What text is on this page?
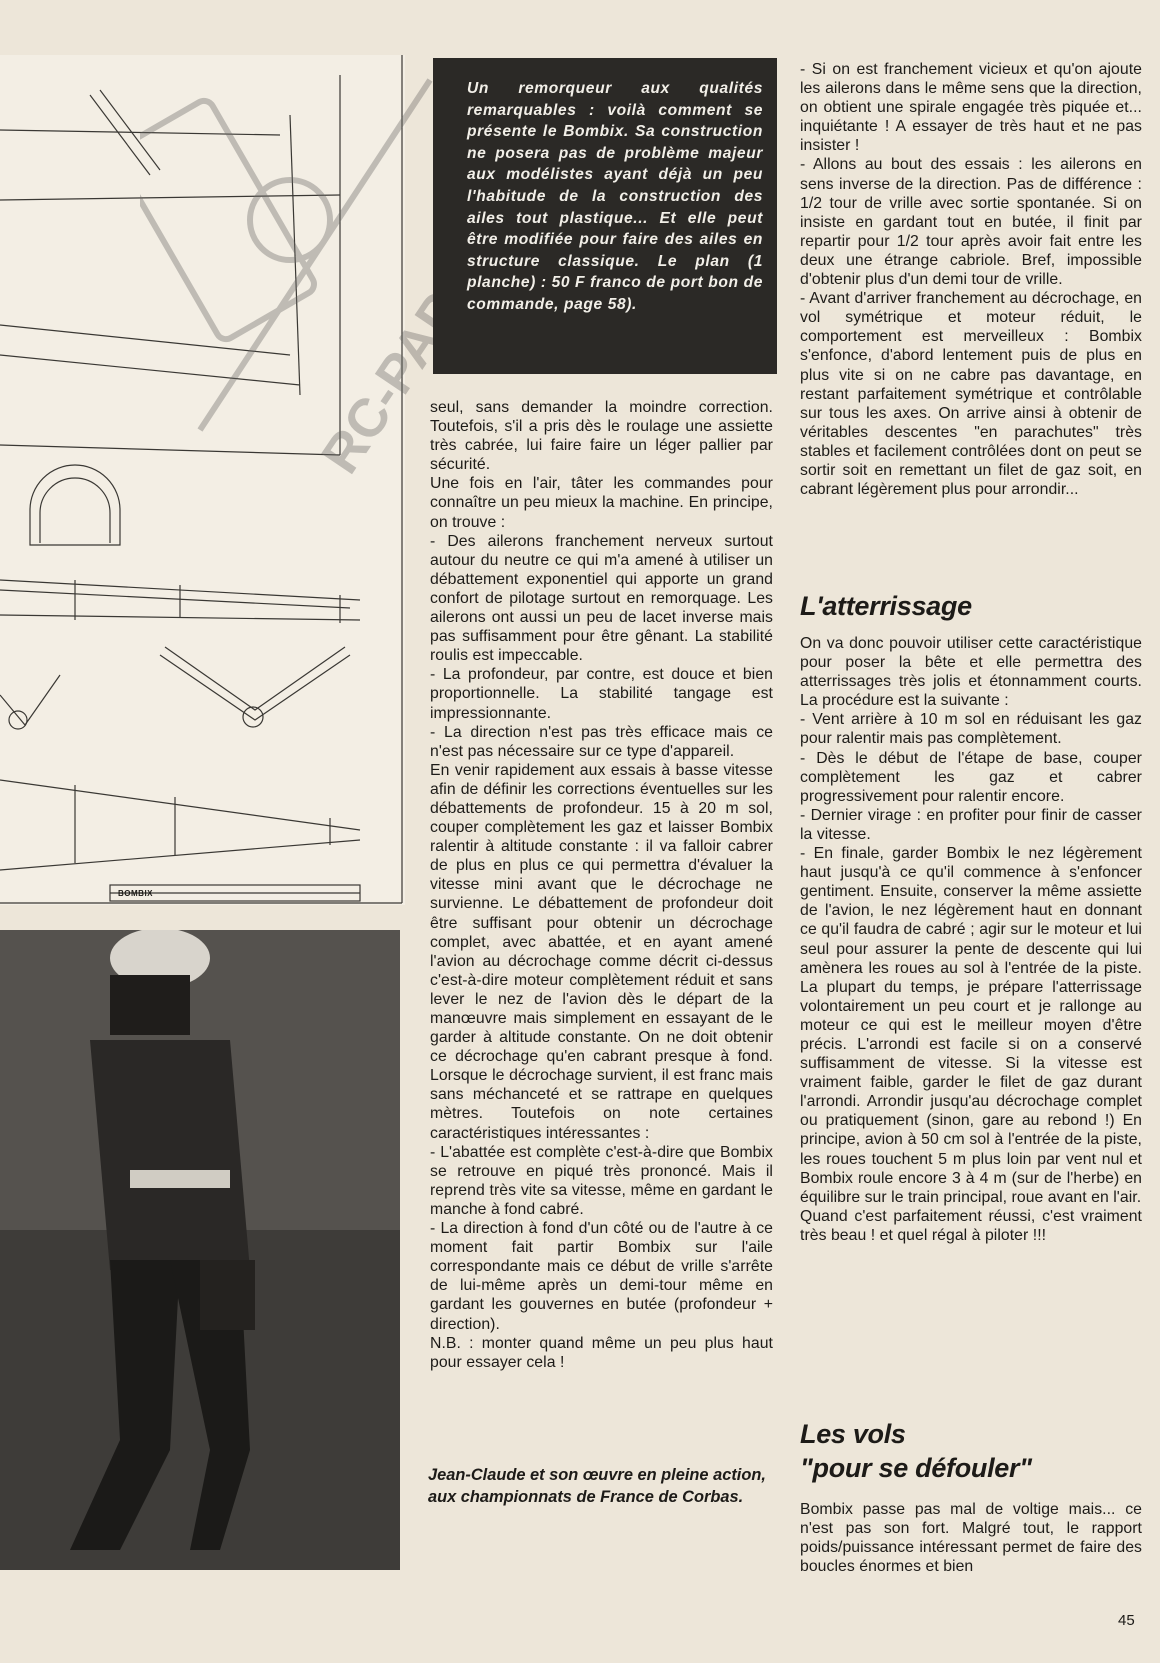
BOMBIX
Un remorqueur aux qualités remarquables : voilà comment se présente le Bombix. Sa construction ne posera pas de problème majeur aux modélistes ayant déjà un peu l'habitude de la construction des ailes tout plastique... Et elle peut être modifiée pour faire des ailes en structure classique. Le plan (1 planche) : 50 F franco de port bon de commande, page 58).

seul, sans demander la moindre correction. Toutefois, s'il a pris dès le roulage une assiette très cabrée, lui faire faire un léger pallier par sécurité.

Une fois en l'air, tâter les commandes pour connaître un peu mieux la machine. En principe, on trouve :

- Des ailerons franchement nerveux surtout autour du neutre ce qui m'a amené à utiliser un débattement exponentiel qui apporte un grand confort de pilotage surtout en remorquage. Les ailerons ont aussi un peu de lacet inverse mais pas suffisamment pour être gênant. La stabilité roulis est impeccable.

- La profondeur, par contre, est douce et bien proportionnelle. La stabilité tangage est impressionnante.

- La direction n'est pas très efficace mais ce n'est pas nécessaire sur ce type d'appareil.

En venir rapidement aux essais à basse vitesse afin de définir les corrections éventuelles sur les débattements de profondeur. 15 à 20 m sol, couper complètement les gaz et laisser Bombix ralentir à altitude constante : il va falloir cabrer de plus en plus ce qui permettra d'évaluer la vitesse mini avant que le décrochage ne survienne. Le débattement de profondeur doit être suffisant pour obtenir un décrochage complet, avec abattée, et en ayant amené l'avion au décrochage comme décrit ci-dessus c'est-à-dire moteur complètement réduit et sans lever le nez de l'avion dès le départ de la manœuvre mais simplement en essayant de le garder à altitude constante. On ne doit obtenir ce décrochage qu'en cabrant presque à fond. Lorsque le décrochage survient, il est franc mais sans méchanceté et se rattrape en quelques mètres. Toutefois on note certaines caractéristiques intéressantes :

- L'abattée est complète c'est-à-dire que Bombix se retrouve en piqué très prononcé. Mais il reprend très vite sa vitesse, même en gardant le manche à fond cabré.

- La direction à fond d'un côté ou de l'autre à ce moment fait partir Bombix sur l'aile correspondante mais ce début de vrille s'arrête de lui-même après un demi-tour même en gardant les gouvernes en butée (profondeur + direction).

N.B. : monter quand même un peu plus haut pour essayer cela !

Jean-Claude et son œuvre en pleine action, aux championnats de France de Corbas.

- Si on est franchement vicieux et qu'on ajoute les ailerons dans le même sens que la direction, on obtient une spirale engagée très piquée et... inquiétante ! A essayer de très haut et ne pas insister !

- Allons au bout des essais : les ailerons en sens inverse de la direction. Pas de différence : 1/2 tour de vrille avec sortie spontanée. Si on insiste en gardant tout en butée, il finit par repartir pour 1/2 tour après avoir fait entre les deux une étrange cabriole. Bref, impossible d'obtenir plus d'un demi tour de vrille.

- Avant d'arriver franchement au décrochage, en vol symétrique et moteur réduit, le comportement est merveilleux : Bombix s'enfonce, d'abord lentement puis de plus en plus vite si on ne cabre pas davantage, en restant parfaitement symétrique et contrôlable sur tous les axes. On arrive ainsi à obtenir de véritables descentes "en parachutes" très stables et facilement contrôlées dont on peut se sortir soit en remettant un filet de gaz soit, en cabrant légèrement plus pour arrondir...

L'atterrissage

On va donc pouvoir utiliser cette caractéristique pour poser la bête et elle permettra des atterrissages très jolis et étonnamment courts. La procédure est la suivante :

- Vent arrière à 10 m sol en réduisant les gaz pour ralentir mais pas complètement.

- Dès le début de l'étape de base, couper complètement les gaz et cabrer progressivement pour ralentir encore.

- Dernier virage : en profiter pour finir de casser la vitesse.

- En finale, garder Bombix le nez légèrement haut jusqu'à ce qu'il commence à s'enfoncer gentiment. Ensuite, conserver la même assiette de l'avion, le nez légèrement haut en donnant ce qu'il faudra de cabré ; agir sur le moteur et lui seul pour assurer la pente de descente qui lui amènera les roues au sol à l'entrée de la piste. La plupart du temps, je prépare l'atterrissage volontairement un peu court et je rallonge au moteur ce qui est le meilleur moyen d'être précis. L'arrondi est facile si on a conservé suffisamment de vitesse. Si la vitesse est vraiment faible, garder le filet de gaz durant l'arrondi. Arrondir jusqu'au décrochage complet ou pratiquement (sinon, gare au rebond !) En principe, avion à 50 cm sol à l'entrée de la piste, les roues touchent 5 m plus loin par vent nul et Bombix roule encore 3 à 4 m (sur de l'herbe) en équilibre sur le train principal, roue avant en l'air.

Quand c'est parfaitement réussi, c'est vraiment très beau ! et quel régal à piloter !!!

Les vols
"pour se défouler"

Bombix passe pas mal de voltige mais... ce n'est pas son fort. Malgré tout, le rapport poids/puissance intéressant permet de faire des boucles énormes et bien

45
